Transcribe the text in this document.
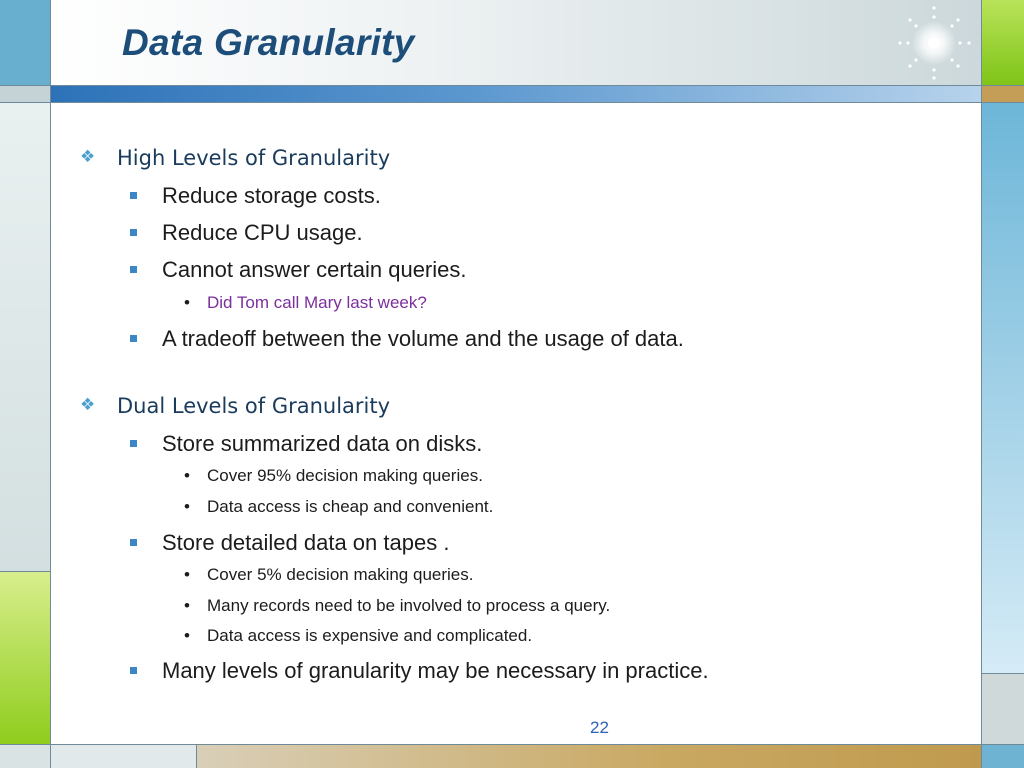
Data Granularity
❖ High Levels of Granularity
Reduce storage costs.
Reduce CPU usage.
Cannot answer certain queries.
• Did Tom call Mary last week?
A tradeoff between the volume and the usage of data.
❖ Dual Levels of Granularity
Store summarized data on disks.
• Cover 95% decision making queries.
• Data access is cheap and convenient.
Store detailed data on tapes .
• Cover 5% decision making queries.
• Many records need to be involved to process a query.
• Data access is expensive and complicated.
Many levels of granularity may be necessary in practice.
22
